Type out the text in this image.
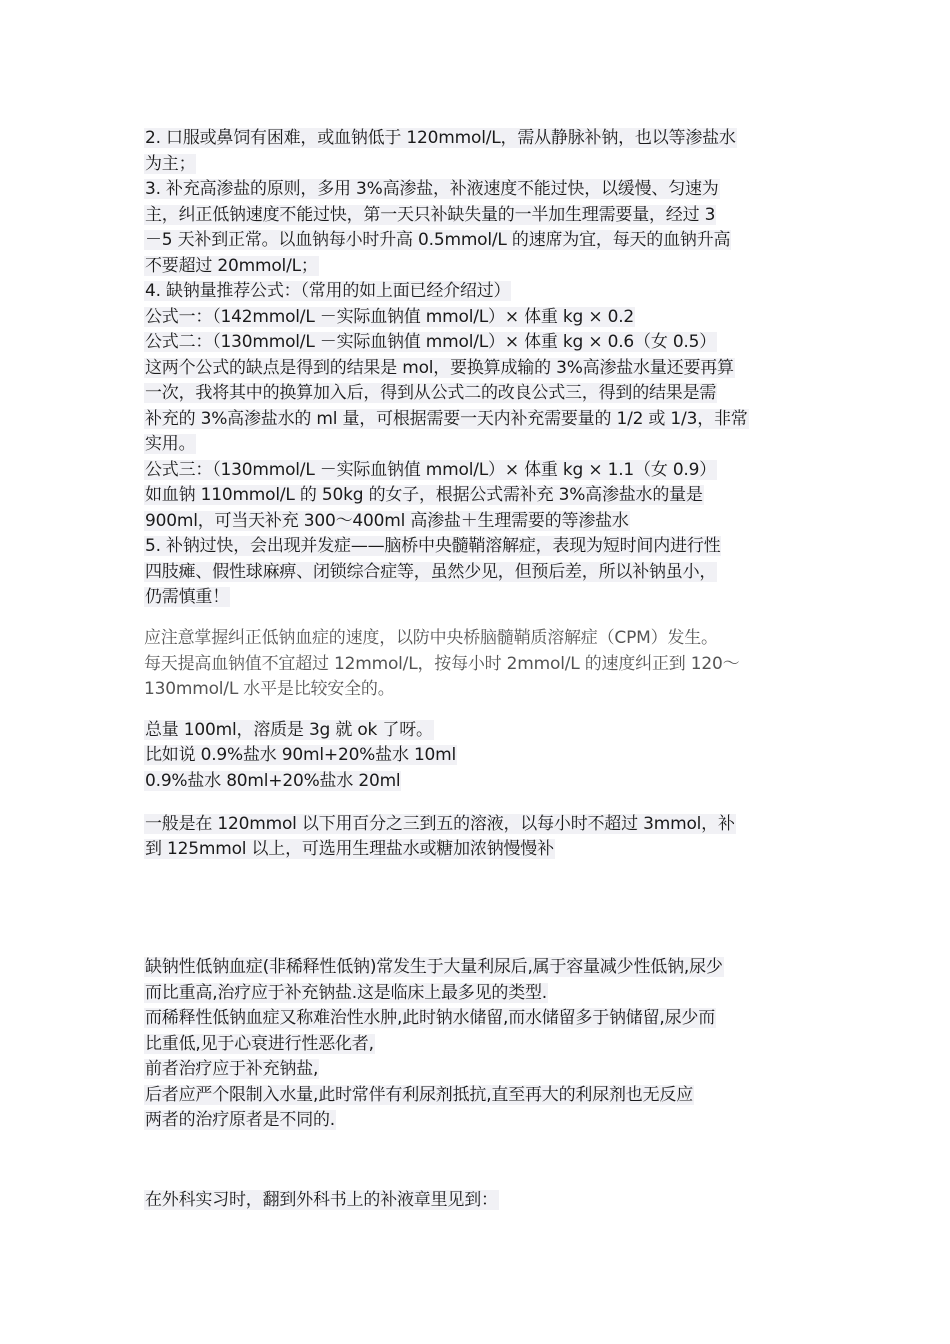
2. 口服或鼻饲有困难，或血钠低于 120mmol/L，需从静脉补钠，也以等渗盐水
为主；
3. 补充高渗盐的原则，多用 3%高渗盐，补液速度不能过快，以缓慢、匀速为
主，纠正低钠速度不能过快，第一天只补缺失量的一半加生理需要量，经过 3
－5 天补到正常。以血钠每小时升高 0.5mmol/L 的速席为宜，每天的血钠升高
不要超过 20mmol/L；
4. 缺钠量推荐公式：（常用的如上面已经介绍过）
公式一：（142mmol/L －实际血钠值 mmol/L）× 体重 kg × 0.2
公式二：（130mmol/L －实际血钠值 mmol/L）× 体重 kg × 0.6（女 0.5）
这两个公式的缺点是得到的结果是 mol，要换算成输的 3%高渗盐水量还要再算
一次，我将其中的换算加入后，得到从公式二的改良公式三，得到的结果是需
补充的 3%高渗盐水的 ml 量，可根据需要一天内补充需要量的 1/2 或 1/3，非常
实用。
公式三：（130mmol/L －实际血钠值 mmol/L）× 体重 kg × 1.1（女 0.9）
如血钠 110mmol/L 的 50kg 的女子，根据公式需补充 3%高渗盐水的量是
900ml，可当天补充 300～400ml 高渗盐＋生理需要的等渗盐水
5. 补钠过快，会出现并发症——脑桥中央髓鞘溶解症，表现为短时间内进行性
四肢瘫、假性球麻痹、闭锁综合症等，虽然少见，但预后差，所以补钠虽小，
仍需慎重！
应注意掌握纠正低钠血症的速度，以防中央桥脑髓鞘质溶解症（CPM）发生。
每天提高血钠值不宜超过 12mmol/L，按每小时 2mmol/L 的速度纠正到 120～
130mmol/L 水平是比较安全的。
总量 100ml，溶质是 3g 就 ok 了呀。
比如说 0.9%盐水 90ml+20%盐水 10ml
0.9%盐水 80ml+20%盐水 20ml
一般是在 120mmol 以下用百分之三到五的溶液，以每小时不超过 3mmol，补
到 125mmol 以上，可选用生理盐水或糖加浓钠慢慢补
缺钠性低钠血症(非稀释性低钠)常发生于大量利尿后,属于容量减少性低钠,尿少
而比重高,治疗应于补充钠盐.这是临床上最多见的类型.
而稀释性低钠血症又称难治性水肿,此时钠水储留,而水储留多于钠储留,尿少而
比重低,见于心衰进行性恶化者,
前者治疗应于补充钠盐,
后者应严个限制入水量,此时常伴有利尿剂抵抗,直至再大的利尿剂也无反应
两者的治疗原者是不同的.
在外科实习时，翻到外科书上的补液章里见到：
